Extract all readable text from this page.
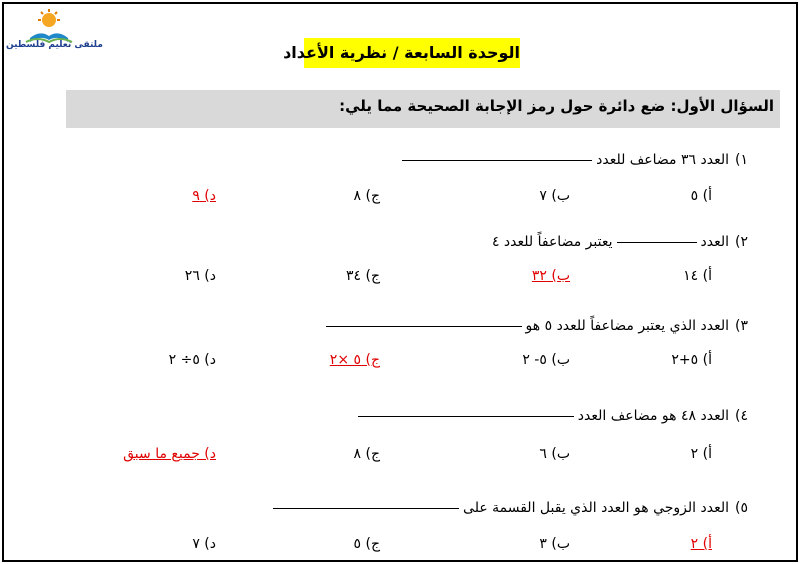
ملتقى تعليم فلسطين	الوحدة السابعة / نظرية الأعداد
السؤال الأول: ضع دائرة حول رمز الإجابة الصحيحة مما يلي:
١)العدد ٣٦ مضاعف للعدد
أ) ٥
ب) ٧
ج) ٨
د) ٩
٢)العدديعتبر مضاعفاً للعدد ٤
أ) ١٤
ب) ٣٢
ج) ٣٤
د) ٢٦
٣)العدد الذي يعتبر مضاعفاً للعدد ٥ هو
أ) ٥+٢
ب) ٥- ٢
ج) ٥ ×٢
د) ٥÷ ٢
٤)العدد ٤٨ هو مضاعف العدد
أ) ٢
ب) ٦
ج) ٨
د) جميع ما سبق
٥)العدد الزوجي هو العدد الذي يقبل القسمة على
أ) ٢
ب) ٣
ج) ٥
د) ٧
